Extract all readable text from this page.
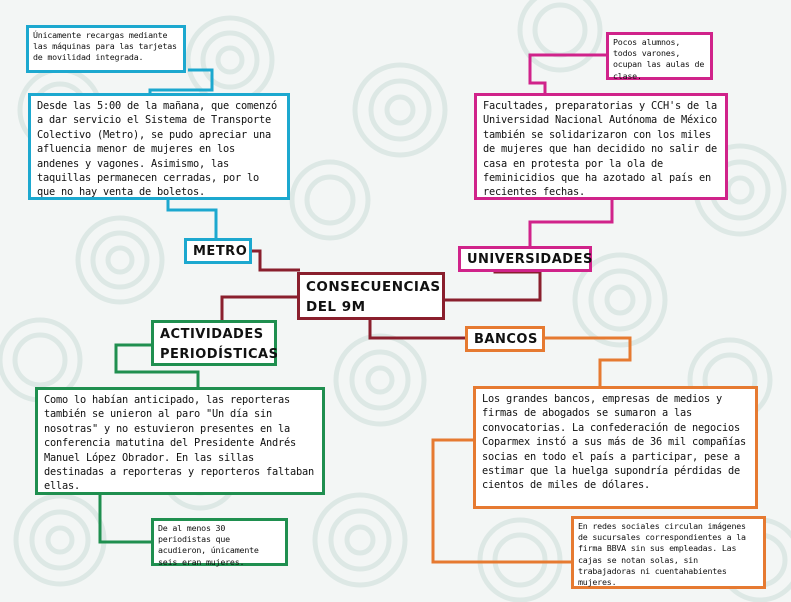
Únicamente recargas mediante las máquinas para las tarjetas de movilidad integrada.
Desde las 5:00 de la mañana, que comenzó a dar servicio el Sistema de Transporte Colectivo (Metro), se pudo apreciar una afluencia menor de mujeres en los andenes y vagones. Asimismo, las taquillas permanecen cerradas, por lo que no hay venta de boletos.
METRO
Pocos alumnos, todos varones, ocupan las aulas de clase.
Facultades, preparatorias y CCH's de la Universidad Nacional Autónoma de México también se solidarizaron con los miles de mujeres que han decidido no salir de casa en protesta por la ola de feminicidios que ha azotado al país en recientes fechas.
UNIVERSIDADES
CONSECUENCIAS DEL 9M
ACTIVIDADES PERIODÍSTICAS
Como lo habían anticipado, las reporteras también se unieron al paro "Un día sin nosotras" y no estuvieron presentes en la conferencia matutina del Presidente Andrés Manuel López Obrador. En las sillas destinadas a reporteras y reporteros faltaban ellas.
De al menos 30 periodistas que acudieron, únicamente seis eran mujeres.
BANCOS
Los grandes bancos, empresas de medios y firmas de abogados se sumaron a las convocatorias. La confederación de negocios Coparmex instó a sus más de 36 mil compañías socias en todo el país a participar, pese a estimar que la huelga supondría pérdidas de cientos de miles de dólares.
En redes sociales circulan imágenes de sucursales correspondientes a la firma BBVA sin sus empleadas. Las cajas se notan solas, sin trabajadoras ni cuentahabientes mujeres.
